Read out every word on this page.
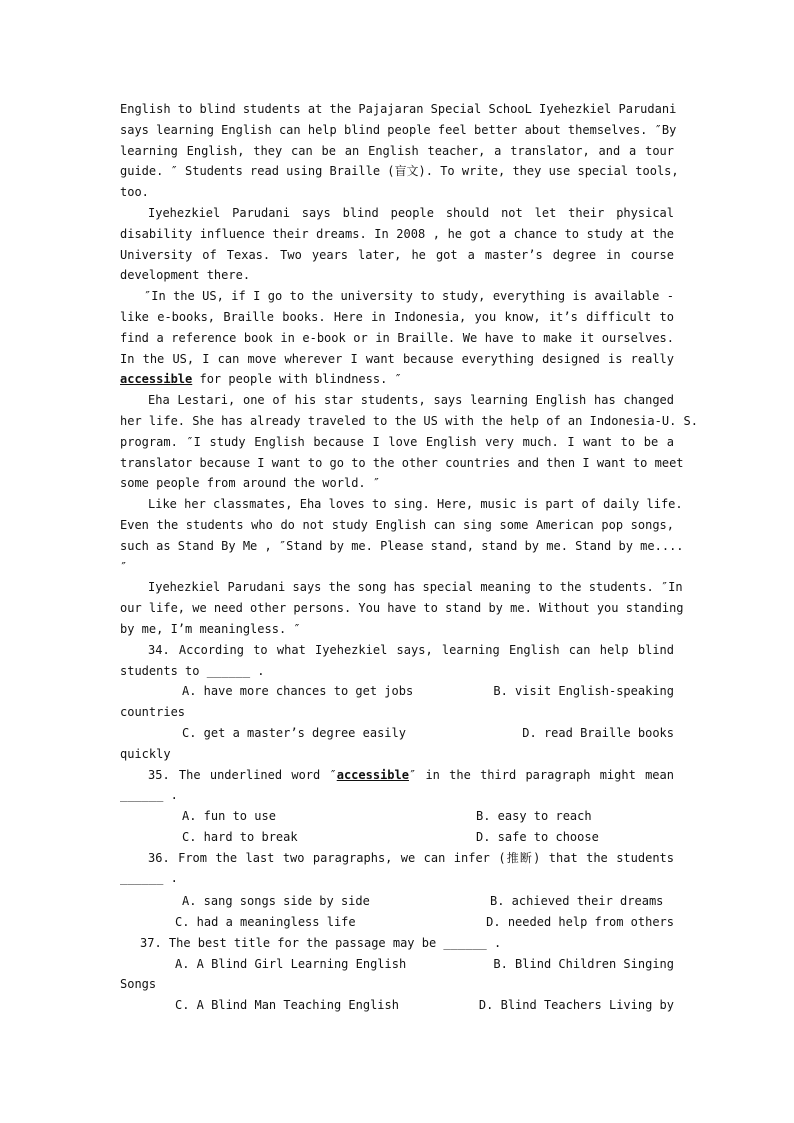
English to blind students at the Pajajaran Special SchooL Iyehezkiel Parudani

says learning English can help blind people feel better about themselves. ″By

learning English, they can be an English teacher, a translator, and a tour

guide. ″ Students read using Braille (盲文). To write, they use special tools,

too.

Iyehezkiel Parudani says blind people should not let their physical

disability influence their dreams. In 2008 , he got a chance to study at the

University of Texas. Two years later, he got a master’s degree in course

development there.

″In the US, if I go to the university to study, everything is available -

like e-books, Braille books. Here in Indonesia, you know, it’s difficult to

find a reference book in e-book or in Braille. We have to make it ourselves.

In the US, I can move wherever I want because everything designed is really

accessible for people with blindness. ″

Eha Lestari, one of his star students, says learning English has changed

her life. She has already traveled to the US with the help of an Indonesia-U. S.

program. ″I study English because I love English very much. I want to be a

translator because I want to go to the other countries and then I want to meet

some people from around the world. ″

Like her classmates, Eha loves to sing. Here, music is part of daily life.

Even the students who do not study English can sing some American pop songs,

such as Stand By Me , ″Stand by me. Please stand, stand by me. Stand by me....

″

Iyehezkiel Parudani says the song has special meaning to the students. ″In

our life, we need other persons. You have to stand by me. Without you standing

by me, I’m meaningless. ″

34. According to what Iyehezkiel says, learning English can help blind

students to ______ .

A. have more chances to get jobs	B. visit English-speaking

countries

C. get a master’s degree easily	D. read Braille books

quickly

35. The underlined word ″accessible″ in the third paragraph might mean

______ .

A. fun to use	B. easy to reach
C. hard to break	D. safe to choose

36. From the last two paragraphs, we can infer (推断) that the students

______ .

A. sang songs side by side	B. achieved their dreams
C. had a meaningless life	D. needed help from others

37. The best title for the passage may be ______ .

A. A Blind Girl Learning English	B. Blind Children Singing

Songs

C. A Blind Man Teaching English	D. Blind Teachers Living by
